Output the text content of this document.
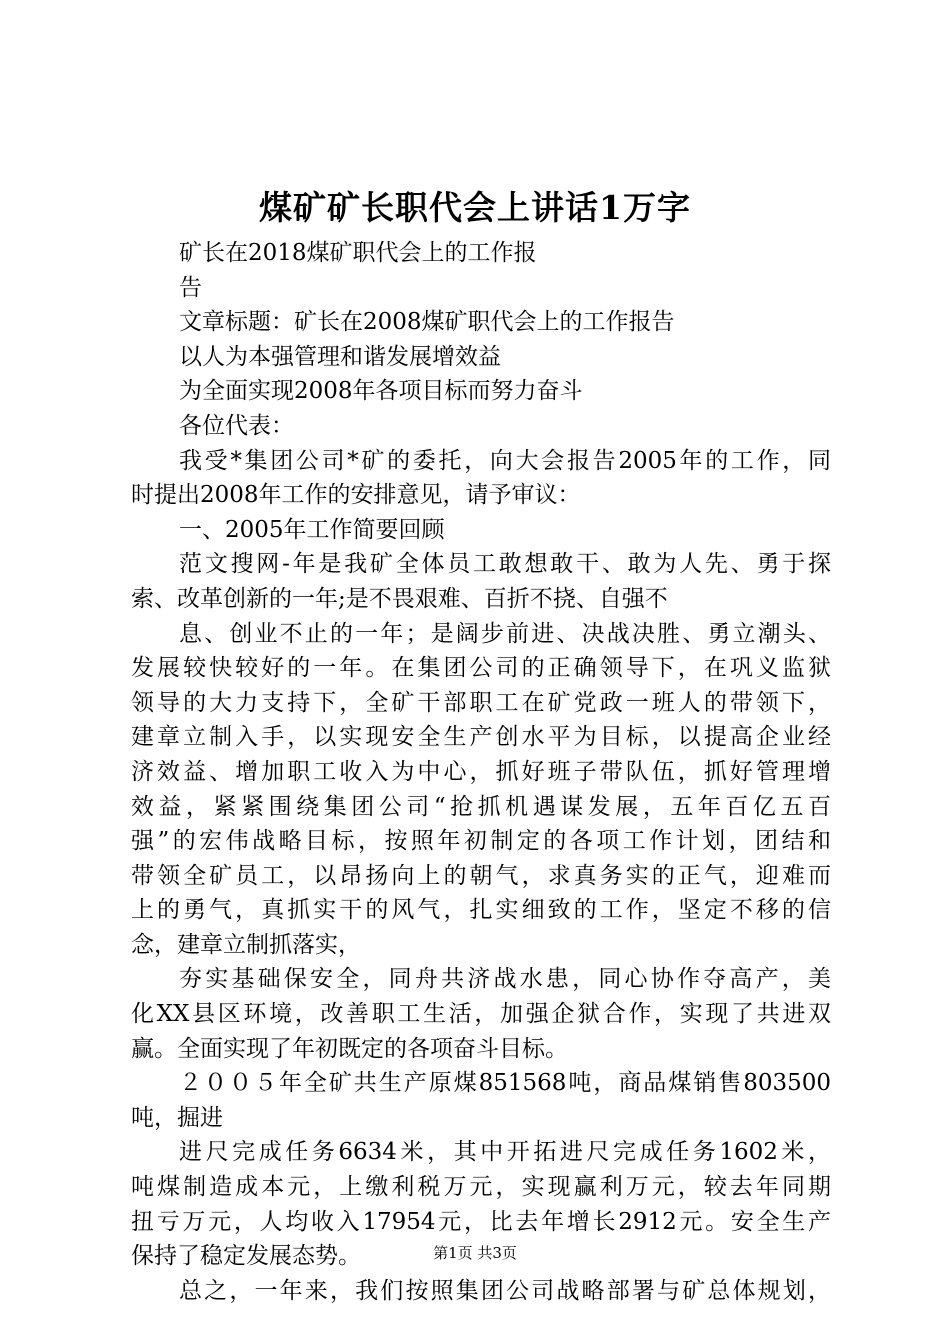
煤矿矿长职代会上讲话1万字
矿长在2018煤矿职代会上的工作报
告
文章标题：矿长在2008煤矿职代会上的工作报告
以人为本强管理和谐发展增效益
为全面实现2008年各项目标而努力奋斗
各位代表：
我受*集团公司*矿的委托，向大会报告2005年的工作，同
时提出2008年工作的安排意见，请予审议：
一、2005年工作简要回顾
范文搜网-年是我矿全体员工敢想敢干、敢为人先、勇于探
索、改革创新的一年;是不畏艰难、百折不挠、自强不
息、创业不止的一年；是阔步前进、决战决胜、勇立潮头、
发展较快较好的一年。在集团公司的正确领导下，在巩义监狱
领导的大力支持下，全矿干部职工在矿党政一班人的带领下，
建章立制入手，以实现安全生产创水平为目标，以提高企业经
济效益、增加职工收入为中心，抓好班子带队伍，抓好管理增
效益，紧紧围绕集团公司“抢抓机遇谋发展，五年百亿五百
强”的宏伟战略目标，按照年初制定的各项工作计划，团结和
带领全矿员工，以昂扬向上的朝气，求真务实的正气，迎难而
上的勇气，真抓实干的风气，扎实细致的工作，坚定不移的信
念，建章立制抓落实，
夯实基础保安全，同舟共济战水患，同心协作夺高产，美
化XX县区环境，改善职工生活，加强企狱合作，实现了共进双
赢。全面实现了年初既定的各项奋斗目标。
２００５年全矿共生产原煤851568吨，商品煤销售803500
吨，掘进
进尺完成任务6634米，其中开拓进尺完成任务1602米，
吨煤制造成本元，上缴利税万元，实现赢利万元，较去年同期
扭亏万元，人均收入17954元，比去年增长2912元。安全生产
保持了稳定发展态势。
总之，一年来，我们按照集团公司战略部署与矿总体规划，
第1页 共3页
